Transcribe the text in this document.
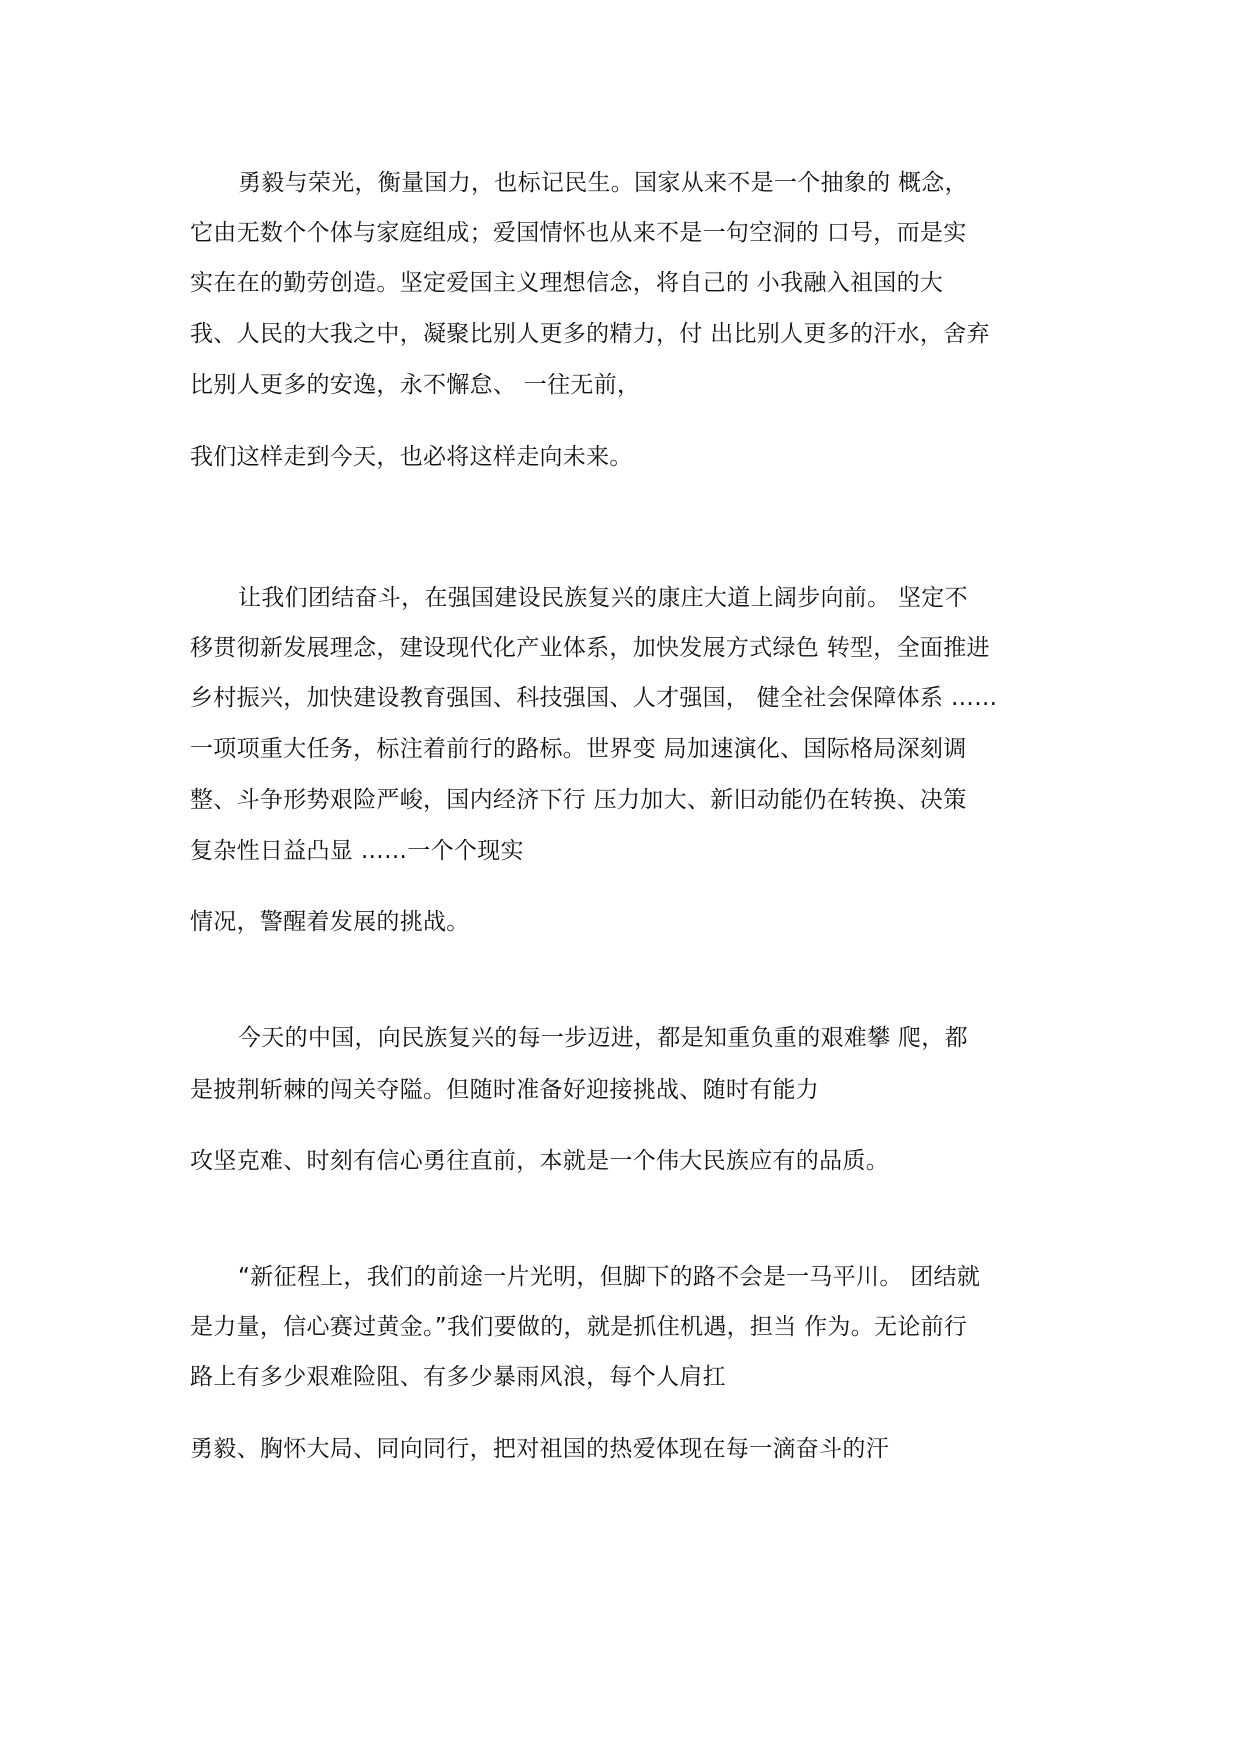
勇毅与荣光，衡量国力，也标记民生。国家从来不是一个抽象的 概念，
它由无数个个体与家庭组成；爱国情怀也从来不是一句空洞的 口号，而是实
实在在的勤劳创造。坚定爱国主义理想信念，将自己的 小我融入祖国的大
我、人民的大我之中，凝聚比别人更多的精力，付 出比别人更多的汗水，舍弃
比别人更多的安逸，永不懈怠、 一往无前，
我们这样走到今天，也必将这样走向未来。
让我们团结奋斗，在强国建设民族复兴的康庄大道上阔步向前。 坚定不
移贯彻新发展理念，建设现代化产业体系，加快发展方式绿色 转型，全面推进
乡村振兴，加快建设教育强国、科技强国、人才强国， 健全社会保障体系 ……
一项项重大任务，标注着前行的路标。世界变 局加速演化、国际格局深刻调
整、斗争形势艰险严峻，国内经济下行 压力加大、新旧动能仍在转换、决策
复杂性日益凸显 ……一个个现实
情况，警醒着发展的挑战。
今天的中国，向民族复兴的每一步迈进，都是知重负重的艰难攀 爬，都
是披荆斩棘的闯关夺隘。但随时准备好迎接挑战、随时有能力
攻坚克难、时刻有信心勇往直前，本就是一个伟大民族应有的品质。
“新征程上，我们的前途一片光明，但脚下的路不会是一马平川。 团结就
是力量，信心赛过黄金。”我们要做的，就是抓住机遇，担当 作为。无论前行
路上有多少艰难险阻、有多少暴雨风浪，每个人肩扛
勇毅、胸怀大局、同向同行，把对祖国的热爱体现在每一滴奋斗的汗
